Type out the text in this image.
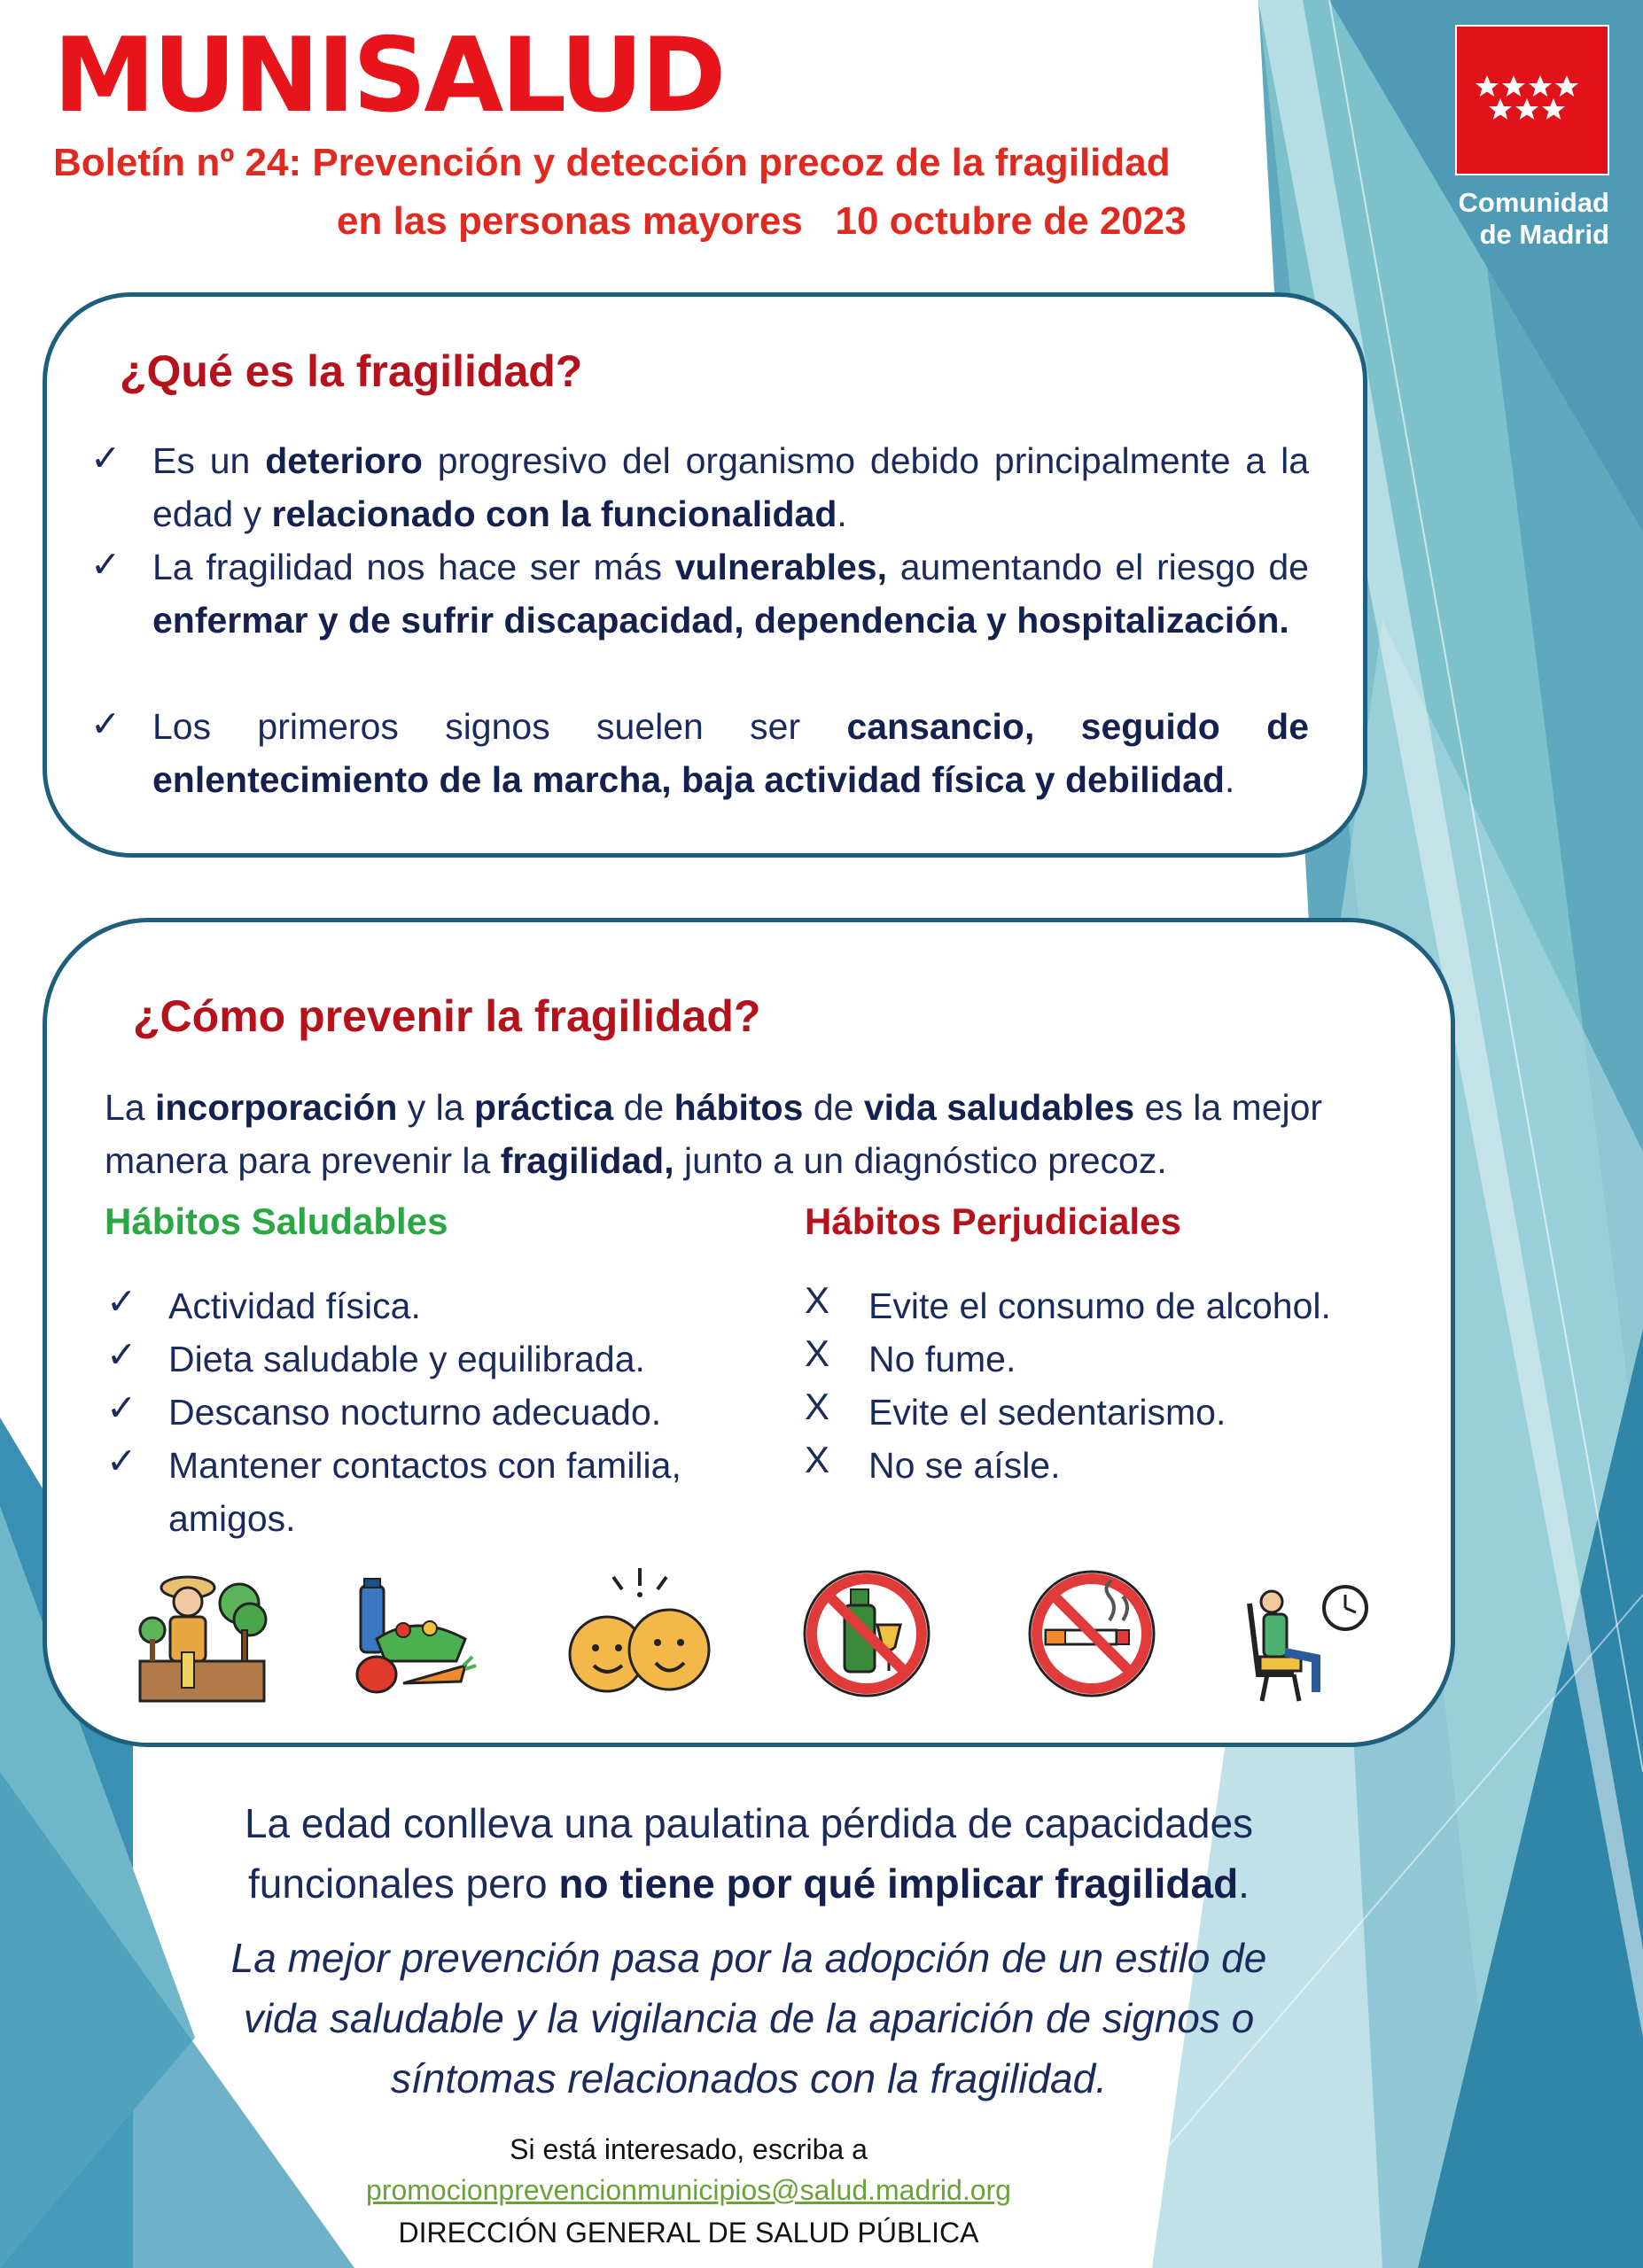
MUNISALUD
Boletín nº 24: Prevención y detección precoz de la fragilidad
en las personas mayores   10 octubre de 2023	Comunidad
de Madrid
¿Qué es la fragilidad?
✓ Es un deterioro progresivo del organismo debido principalmente a la edad y relacionado con la funcionalidad.
✓ La fragilidad nos hace ser más vulnerables, aumentando el riesgo de enfermar y de sufrir discapacidad, dependencia y hospitalización.
✓ Los primeros signos suelen ser cansancio, seguido de enlentecimiento de la marcha, baja actividad física y debilidad.
¿Cómo prevenir la fragilidad?
La incorporación y la práctica de hábitos de vida saludables es la mejor manera para prevenir la fragilidad, junto a un diagnóstico precoz.
Hábitos Saludables	Hábitos Perjudiciales
✓ Actividad física.
✓ Dieta saludable y equilibrada.
✓ Descanso nocturno adecuado.
✓ Mantener contactos con familia,
amigos.
X Evite el consumo de alcohol.
X No fume.
X Evite el sedentarismo.
X No se aísle.
La edad conlleva una paulatina pérdida de capacidades
funcionales pero no tiene por qué implicar fragilidad.
La mejor prevención pasa por la adopción de un estilo de
vida saludable y la vigilancia de la aparición de signos o
síntomas relacionados con la fragilidad.
Si está interesado, escriba a
promocionprevencionmunicipios@salud.madrid.org
DIRECCIÓN GENERAL DE SALUD PÚBLICA
